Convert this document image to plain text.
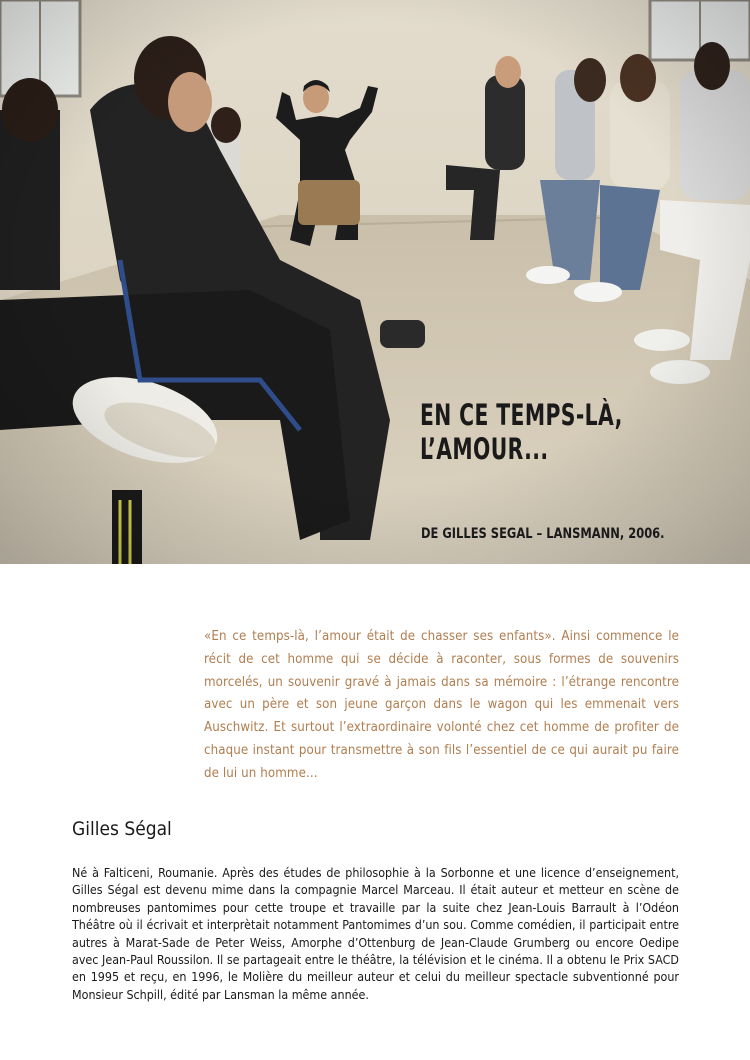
EN CE TEMPS-LÀ,
L’AMOUR...

DE GILLES SEGAL – LANSMANN, 2006.

«En ce temps-là, l’amour était de chasser ses enfants». Ainsi commence le récit de cet homme qui se décide à raconter, sous formes de souvenirs morcelés, un souvenir gravé à jamais dans sa mémoire : l’étrange rencontre avec un père et son jeune garçon dans le wagon qui les emmenait vers Auschwitz. Et surtout l’extraordinaire volonté chez cet homme de profiter de chaque instant pour transmettre à son fils l’essentiel de ce qui aurait pu faire de lui un homme...

Gilles Ségal

Né à Falticeni, Roumanie. Après des études de philosophie à la Sorbonne et une licence d’enseignement, Gilles Ségal est devenu mime dans la compagnie Marcel Marceau. Il était auteur et metteur en scène de nombreuses pantomimes pour cette troupe et travaille par la suite chez Jean-Louis Barrault à l’Odéon Théâtre où il écrivait et interprètait notamment Pantomimes d’un sou. Comme comédien, il participait entre autres à Marat-Sade de Peter Weiss, Amorphe d’Ottenburg de Jean-Claude Grumberg ou encore Oedipe avec Jean-Paul Roussilon. Il se partageait entre le théâtre, la télévision et le cinéma. Il a obtenu le Prix SACD en 1995 et reçu, en 1996, le Molière du meilleur auteur et celui du meilleur spectacle subventionné pour Monsieur Schpill, édité par Lansman la même année.
